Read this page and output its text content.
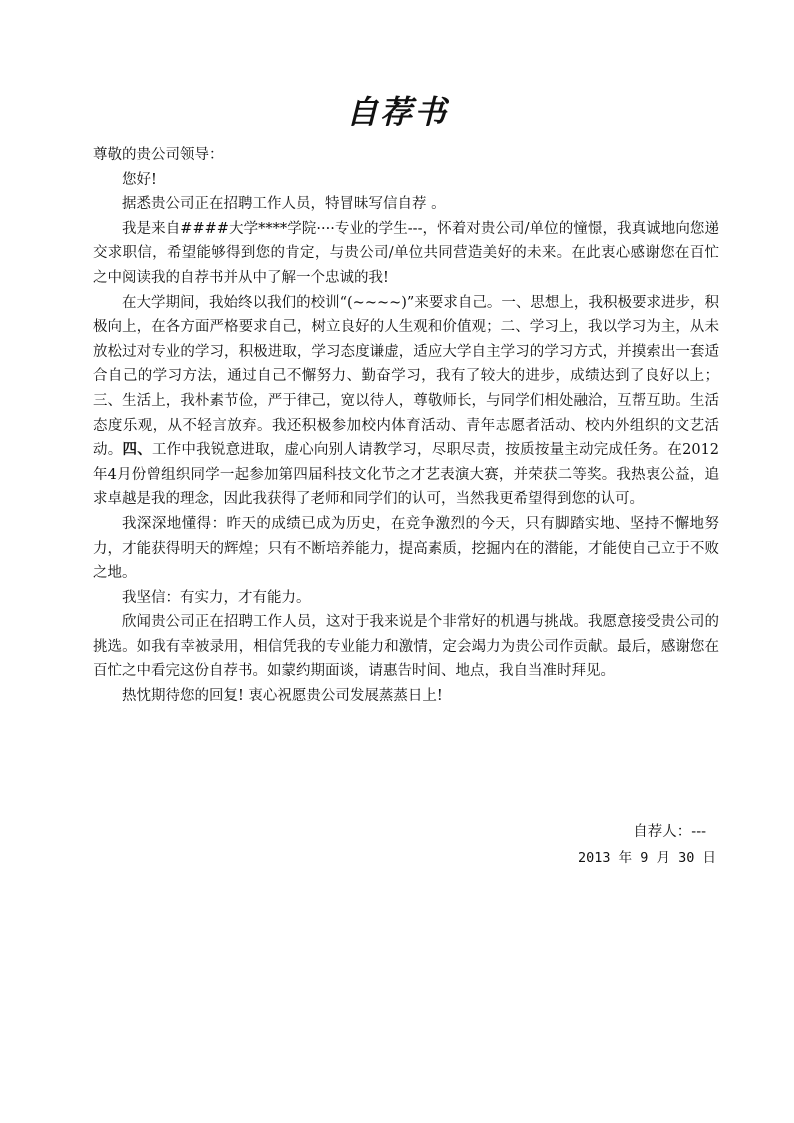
自荐书

尊敬的贵公司领导：

您好!

据悉贵公司正在招聘工作人员，特冒昧写信自荐 。

我是来自####大学****学院····专业的学生---，怀着对贵公司/单位的憧憬，我真诚地向您递交求职信，希望能够得到您的肯定，与贵公司/单位共同营造美好的未来。在此衷心感谢您在百忙之中阅读我的自荐书并从中了解一个忠诚的我!

在大学期间，我始终以我们的校训“(~~~~)”来要求自己。一、思想上，我积极要求进步，积极向上，在各方面严格要求自己，树立良好的人生观和价值观；二、学习上，我以学习为主，从未放松过对专业的学习，积极进取，学习态度谦虚，适应大学自主学习的学习方式，并摸索出一套适合自己的学习方法，通过自己不懈努力、勤奋学习，我有了较大的进步，成绩达到了良好以上；三、生活上，我朴素节俭，严于律己，宽以待人，尊敬师长，与同学们相处融洽，互帮互助。生活态度乐观，从不轻言放弃。我还积极参加校内体育活动、青年志愿者活动、校内外组织的文艺活动。四、工作中我锐意进取，虚心向别人请教学习，尽职尽责，按质按量主动完成任务。在2012年4月份曾组织同学一起参加第四届科技文化节之才艺表演大赛，并荣获二等奖。我热衷公益，追求卓越是我的理念，因此我获得了老师和同学们的认可，当然我更希望得到您的认可。

我深深地懂得：昨天的成绩已成为历史，在竞争激烈的今天，只有脚踏实地、坚持不懈地努力，才能获得明天的辉煌；只有不断培养能力，提高素质，挖掘内在的潜能，才能使自己立于不败之地。

我坚信：有实力，才有能力。

欣闻贵公司正在招聘工作人员，这对于我来说是个非常好的机遇与挑战。我愿意接受贵公司的挑选。如我有幸被录用，相信凭我的专业能力和激情，定会竭力为贵公司作贡献。最后，感谢您在百忙之中看完这份自荐书。如蒙约期面谈，请惠告时间、地点，我自当准时拜见。

热忱期待您的回复! 衷心祝愿贵公司发展蒸蒸日上!

自荐人：---
2013 年 9 月 30 日
